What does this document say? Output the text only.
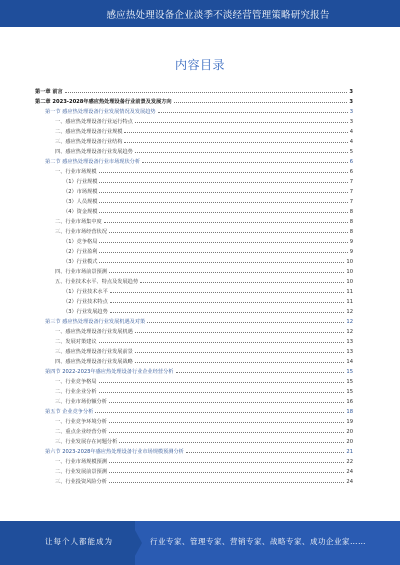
感应热处理设备企业淡季不淡经营管理策略研究报告
内容目录
第一章 前言	3
第二章 2023-2028年感应热处理设备行业前景及发展方向	3
第一节 感应热处理设备行业发展情况及发展趋势	3
一、感应热处理设备行业运行特点	3
二、感应热处理设备行业规模	4
三、感应热处理设备行业结构	4
四、感应热处理设备行业发展趋势	5
第二节 感应热处理设备行业市场现状分析	6
一、行业市场规模	6
（1）行业规模	7
（2）市场规模	7
（3）人员规模	7
（4）资金规模	8
二、行业市场集中度	8
三、行业市场经营状况	8
（1）竞争格局	9
（2）行业盈利	9
（3）行业模式	10
四、行业市场前景预测	10
五、行业技术水平、特点及发展趋势	10
（1）行业技术水平	11
（2）行业技术特点	11
（3）行业发展趋势	12
第三节 感应热处理设备行业发展机遇及对策	12
一、感应热处理设备行业发展机遇	12
二、发展对策建议	13
三、感应热处理设备行业发展前景	13
四、感应热处理设备行业发展战略	14
第四节 2022-2023年感应热处理设备行业企业经营分析	15
一、行业竞争格局	15
二、行业企业分析	15
三、行业市场份额分析	16
第五节 企业竞争分析	18
一、行业竞争环境分析	19
二、重点企业经营分析	20
三、行业发展存在问题分析	20
第六节 2023-2028年感应热处理设备行业市场规模预测分析	21
一、行业市场规模预测	22
二、行业发展前景预测	24
三、行业投资风险分析	24
让每个人都能成为	行业专家、管理专家、营销专家、战略专家、成功企业家……
